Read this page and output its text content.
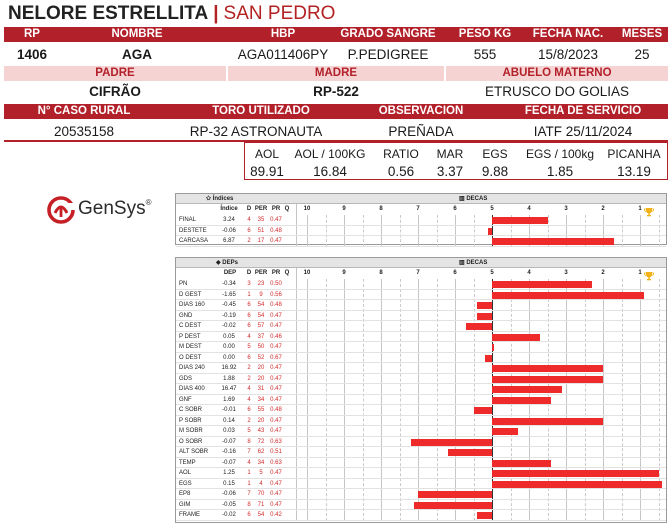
NELORE ESTRELLITA | SAN PEDRO
RP	NOMBRE	HBP	GRADO SANGRE	PESO KG	FECHA NAC.	MESES
1406	AGA	AGA011406PY	P.PEDIGREE	555	15/8/2023	25
PADRE	MADRE	ABUELO MATERNO
CIFRÃO	RP-522	ETRUSCO DO GOLIAS
N° CASO RURAL	TORO UTILIZADO	OBSERVACION	FECHA DE SERVICIO
20535158	RP-32 ASTRONAUTA	PREÑADA	IATF 25/11/2024
AOL	AOL / 100KG	RATIO	MAR	EGS	EGS / 100kg	PICANHA
89.91	16.84	0.56	3.37	9.88	1.85	13.19
GenSys®	✩ Índices	▥ DECAS
Índice	D PER PR Q	10	9	8	7	6	5	4	3	2	1
FINAL	3.24	4	35 0.47
DESTETE	-0.06	6	51 0.48
CARCASA	6.87	2	17 0.47
◆ DEPs	▥ DECAS
DEP	D PER PR Q	10	9	8	7	6	5	4	3	2	1
PN	-0.34	3	23 0.50
D GEST	-1.65	1	9	0.56
DIAS 160	-0.45	6	54 0.48
GND	-0.19	6	54 0.47
C DEST	-0.02	6	57 0.47
P DEST	0.05	4	37 0.46
M DEST	0.00	5	50 0.47
O DEST	0.00	6	52 0.67
DIAS 240	16.92	2	20 0.47
GDS	1.88	2	20 0.47
DIAS 400	16.47	4	31 0.47
GNF	1.69	4	34 0.47
C SOBR	-0.01	6	55 0.48
P SOBR	0.14	2	20 0.47
M SOBR	0.03	5	43 0.47
O SOBR	-0.07	8	72 0.63
ALT SOBR	-0.16	7	62 0.51
TEMP	-0.07	4	34 0.63
AOL	1.25	1	5	0.47
EGS	0.15	1	4	0.47
EP8	-0.06	7	70 0.47
GIM	-0.05	8	71 0.47
FRAME	-0.02	6	54 0.42
